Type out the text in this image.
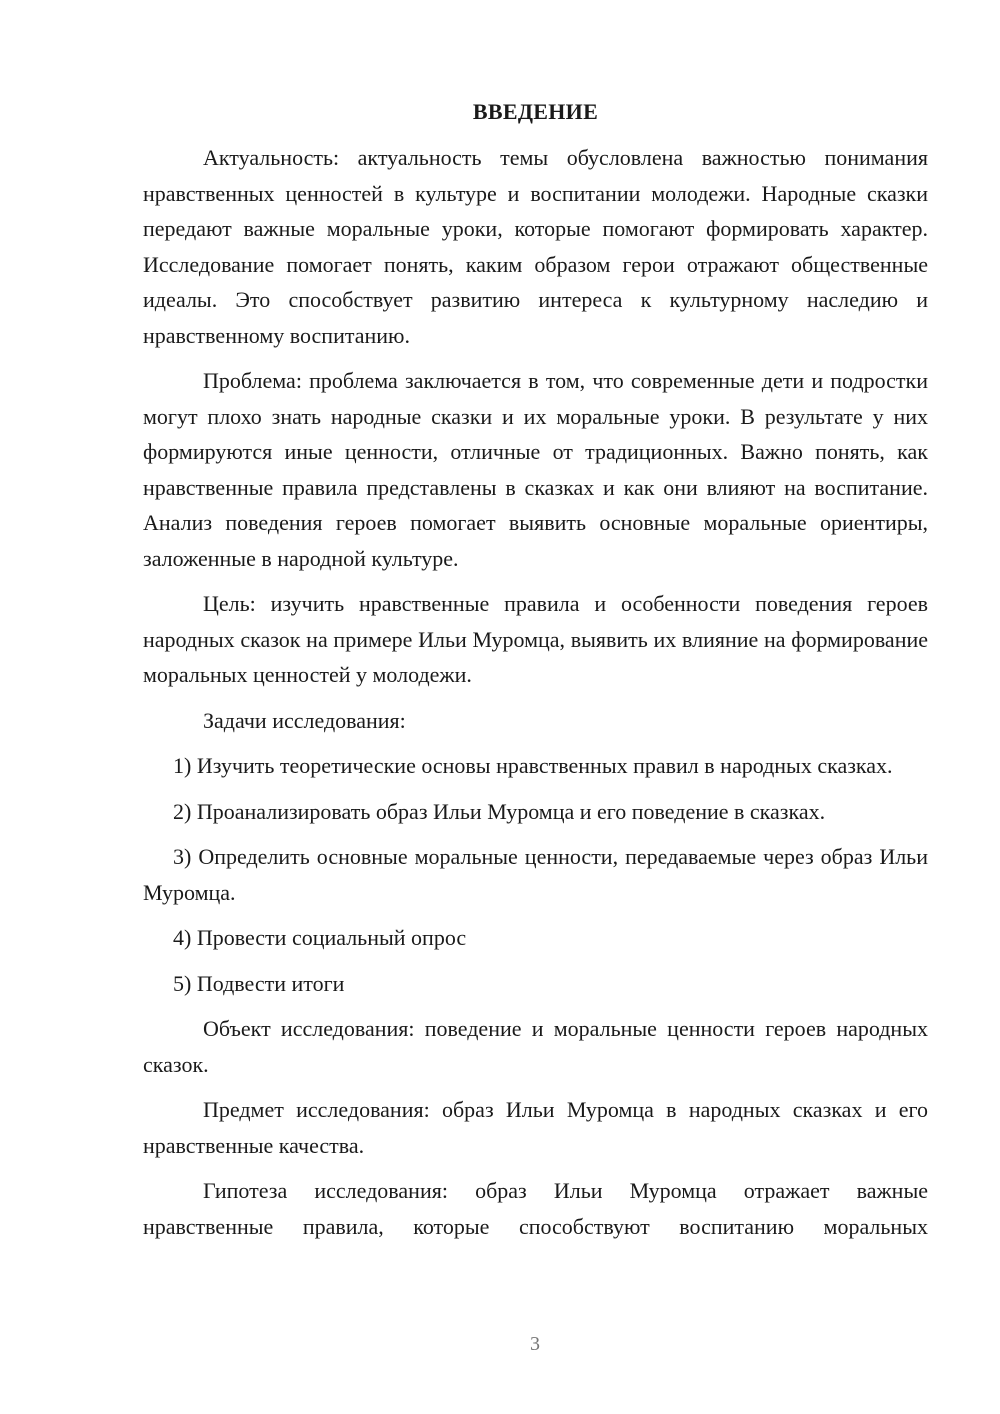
ВВЕДЕНИЕ

Актуальность: актуальность темы обусловлена важностью понимания нравственных ценностей в культуре и воспитании молодежи. Народные сказки передают важные моральные уроки, которые помогают формировать характер. Исследование помогает понять, каким образом герои отражают общественные идеалы. Это способствует развитию интереса к культурному наследию и нравственному воспитанию.

Проблема: проблема заключается в том, что современные дети и подростки могут плохо знать народные сказки и их моральные уроки. В результате у них формируются иные ценности, отличные от традиционных. Важно понять, как нравственные правила представлены в сказках и как они влияют на воспитание. Анализ поведения героев помогает выявить основные моральные ориентиры, заложенные в народной культуре.

Цель: изучить нравственные правила и особенности поведения героев народных сказок на примере Ильи Муромца, выявить их влияние на формирование моральных ценностей у молодежи.

Задачи исследования:

1) Изучить теоретические основы нравственных правил в народных сказках.

2) Проанализировать образ Ильи Муромца и его поведение в сказках.

3) Определить основные моральные ценности, передаваемые через образ Ильи Муромца.

4) Провести социальный опрос

5) Подвести итоги

Объект исследования: поведение и моральные ценности героев народных сказок.

Предмет исследования: образ Ильи Муромца в народных сказках и его нравственные качества.

Гипотеза исследования: образ Ильи Муромца отражает важные нравственные правила, которые способствуют воспитанию моральных

3
